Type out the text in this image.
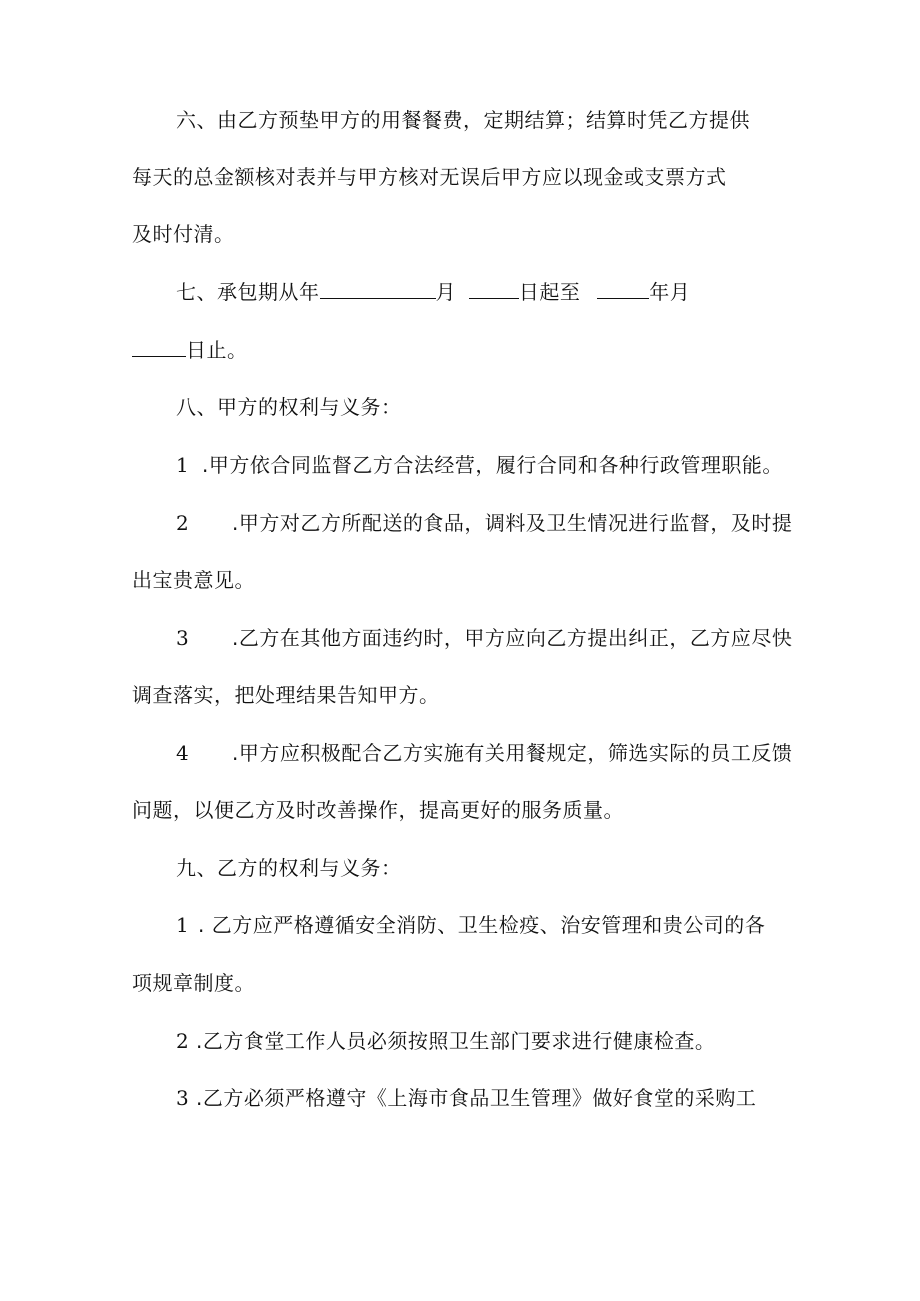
六、由乙方预垫甲方的用餐餐费，定期结算；结算时凭乙方提供
每天的总金额核对表并与甲方核对无误后甲方应以现金或支票方式
及时付清。
七、承包期从年	月	日起至	年月
日止。
八、甲方的权利与义务：
1 .甲方依合同监督乙方合法经营，履行合同和各种行政管理职能。
2 .甲方对乙方所配送的食品，调料及卫生情况进行监督，及时提
出宝贵意见。
3 .乙方在其他方面违约时，甲方应向乙方提出纠正，乙方应尽快
调查落实，把处理结果告知甲方。
4 .甲方应积极配合乙方实施有关用餐规定，筛选实际的员工反馈
问题，以便乙方及时改善操作，提高更好的服务质量。
九、乙方的权利与义务：
1 . 乙方应严格遵循安全消防、卫生检疫、治安管理和贵公司的各
项规章制度。
2 .乙方食堂工作人员必须按照卫生部门要求进行健康检查。
3 .乙方必须严格遵守《上海市食品卫生管理》做好食堂的采购工
